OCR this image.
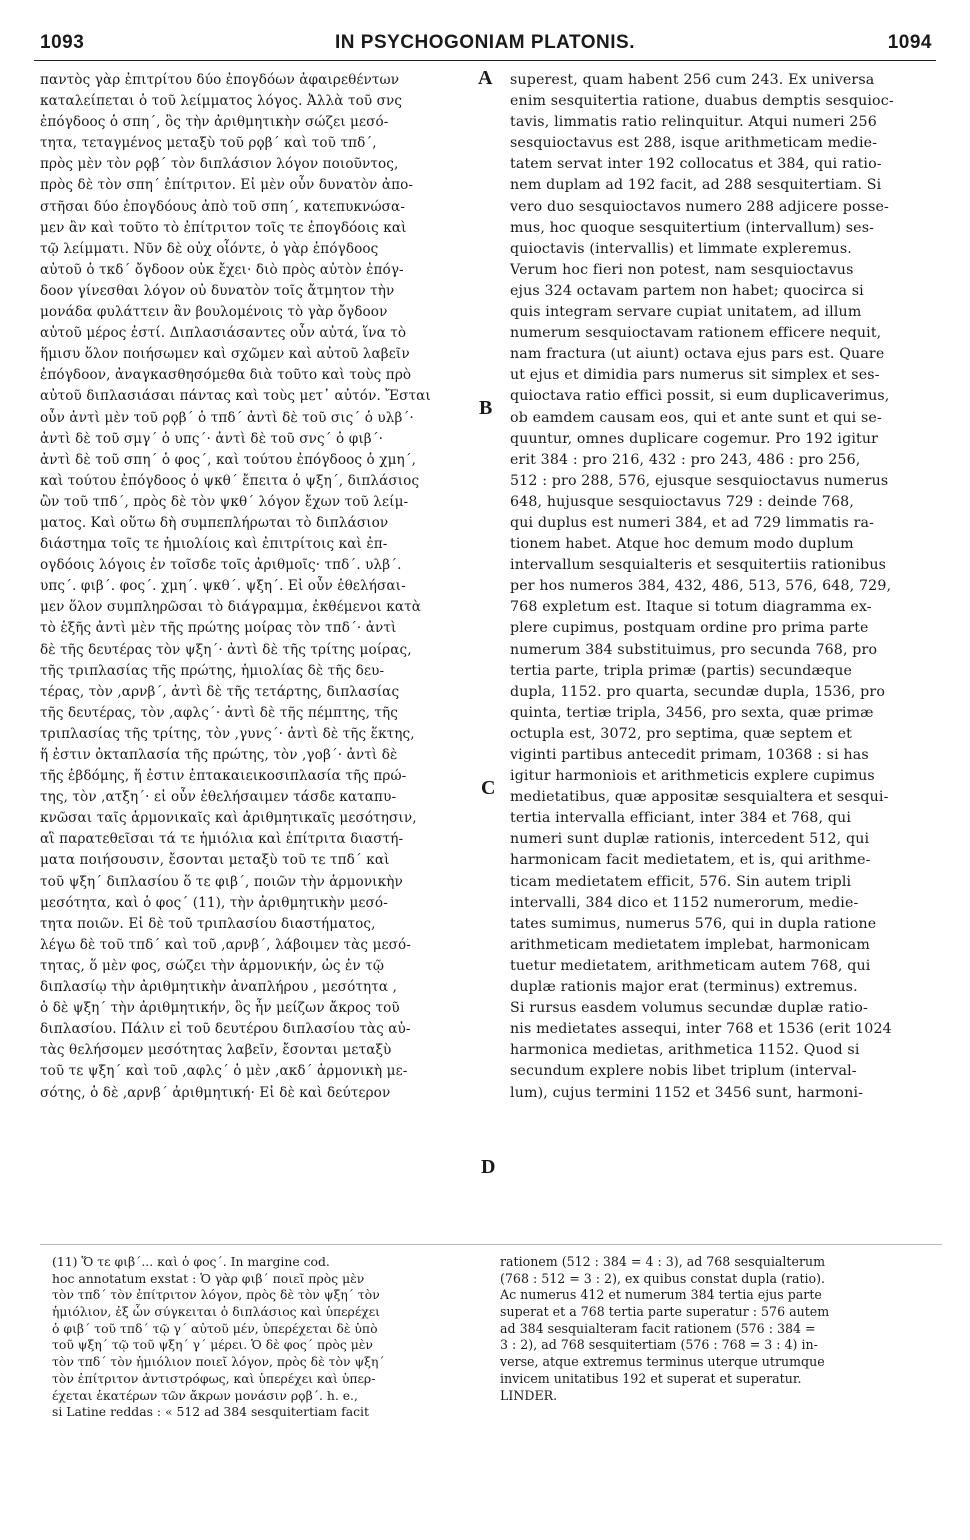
1093	IN PSYCHOGONIAM PLATONIS.	1094
παντὸς γὰρ ἐπιτρίτου δύο ἐπογδόων ἀφαιρεθέντων
καταλείπεται ὁ τοῦ λείμματος λόγος. Ἀλλὰ τοῦ σνς
ἐπόγδοος ὁ σπη΄, ὃς τὴν ἀριθμητικὴν σώζει μεσό-
τητα, τεταγμένος μεταξὺ τοῦ ρϙβ΄ καὶ τοῦ τπδ΄,
πρὸς μὲν τὸν ρϙβ΄ τὸν διπλάσιον λόγον ποιοῦντος,
πρὸς δὲ τὸν σπη΄ ἐπίτριτον. Εἰ μὲν οὖν δυνατὸν ἀπο-
στῆσαι δύο ἐπογδόους ἀπὸ τοῦ σπη΄, κατεπυκνώσα-
μεν ἂν καὶ τοῦτο τὸ ἐπίτριτον τοῖς τε ἐπογδόοις καὶ
τῷ λείμματι. Νῦν δὲ οὐχ οἷόντε, ὁ γὰρ ἐπόγδοος
αὐτοῦ ὁ τκδ΄ ὄγδοον οὐκ ἔχει· διὸ πρὸς αὐτὸν ἐπόγ-
δοον γίνεσθαι λόγον οὐ δυνατὸν τοῖς ἄτμητον τὴν
μονάδα φυλάττειν ἂν βουλομένοις τὸ γὰρ ὄγδοον
αὐτοῦ μέρος ἐστί. Διπλασιάσαντες οὖν αὐτά, ἵνα τὸ
ἥμισυ ὅλον ποιήσωμεν καὶ σχῶμεν καὶ αὐτοῦ λαβεῖν
ἐπόγδοον, ἀναγκασθησόμεθα διὰ τοῦτο καὶ τοὺς πρὸ
αὐτοῦ διπλασιάσαι πάντας καὶ τοὺς μετ᾽ αὐτόν. Ἔσται
οὖν ἀντὶ μὲν τοῦ ρϙβ΄ ὁ τπδ΄ ἀντὶ δὲ τοῦ σις΄ ὁ υλβ΄·
ἀντὶ δὲ τοῦ σμγ΄ ὁ υπς΄· ἀντὶ δὲ τοῦ σνς΄ ὁ φιβ΄·
ἀντὶ δὲ τοῦ σπη΄ ὁ φος΄, καὶ τούτου ἐπόγδοος ὁ χμη΄,
καὶ τούτου ἐπόγδοος ὁ ψκθ΄ ἔπειτα ὁ ψξη΄, διπλάσιος
ὢν τοῦ τπδ΄, πρὸς δὲ τὸν ψκθ΄ λόγον ἔχων τοῦ λείμ-
ματος. Καὶ οὕτω δὴ συμπεπλήρωται τὸ διπλάσιον
διάστημα τοῖς τε ἡμιολίοις καὶ ἐπιτρίτοις καὶ ἐπ-
ογδόοις λόγοις ἐν τοῖσδε τοῖς ἀριθμοῖς· τπδ΄. υλβ΄.
υπς΄. φιβ΄. φος΄. χμη΄. ψκθ΄. ψξη΄. Εἰ οὖν ἐθελήσαι-
μεν ὅλον συμπληρῶσαι τὸ διάγραμμα, ἐκθέμενοι κατὰ
τὸ ἑξῆς ἀντὶ μὲν τῆς πρώτης μοίρας τὸν τπδ΄· ἀντὶ
δὲ τῆς δευτέρας τὸν ψξη΄· ἀντὶ δὲ τῆς τρίτης μοίρας,
τῆς τριπλασίας τῆς πρώτης, ἡμιολίας δὲ τῆς δευ-
τέρας, τὸν ,αρνβ΄, ἀντὶ δὲ τῆς τετάρτης, διπλασίας
τῆς δευτέρας, τὸν ,αφλς΄· ἀντὶ δὲ τῆς πέμπτης, τῆς
τριπλασίας τῆς τρίτης, τὸν ,γυνς΄· ἀντὶ δὲ τῆς ἕκτης,
ἥ ἐστιν ὀκταπλασία τῆς πρώτης, τὸν ,γοβ΄· ἀντὶ δὲ
τῆς ἑβδόμης, ἥ ἐστιν ἑπτακαιεικοσιπλασία τῆς πρώ-
της, τὸν ,ατξη΄· εἰ οὖν ἐθελήσαιμεν τάσδε καταπυ-
κνῶσαι ταῖς ἁρμονικαῖς καὶ ἀριθμητικαῖς μεσότησιν,
αἳ παρατεθεῖσαι τά τε ἡμιόλια καὶ ἐπίτριτα διαστή-
ματα ποιήσουσιν, ἔσονται μεταξὺ τοῦ τε τπδ΄ καὶ
τοῦ ψξη΄ διπλασίου ὅ τε φιβ΄, ποιῶν τὴν ἁρμονικὴν
μεσότητα, καὶ ὁ φος΄ (11), τὴν ἀριθμητικὴν μεσό-
τητα ποιῶν. Εἰ δὲ τοῦ τριπλασίου διαστήματος,
λέγω δὲ τοῦ τπδ΄ καὶ τοῦ ,αρνβ΄, λάβοιμεν τὰς μεσό-
τητας, ὅ μὲν φος, σώζει τὴν ἁρμονικήν, ὡς ἐν τῷ
διπλασίῳ τὴν ἀριθμητικὴν ἀναπλήρου , μεσότητα ,
ὁ δὲ ψξη΄ τὴν ἀριθμητικήν, ὃς ἦν μείζων ἄκρος τοῦ
διπλασίου. Πάλιν εἰ τοῦ δευτέρου διπλασίου τὰς αὐ-
τὰς θελήσομεν μεσότητας λαβεῖν, ἔσονται μεταξὺ
τοῦ τε ψξη΄ καὶ τοῦ ,αφλς΄ ὁ μὲν ,ακδ΄ ἁρμονικὴ με-
σότης, ὁ δὲ ,αρνβ΄ ἀριθμητική· Εἰ δὲ καὶ δεύτερον
superest, quam habent 256 cum 243. Ex universa
enim sesquitertia ratione, duabus demptis sesquioc-
tavis, limmatis ratio relinquitur. Atqui numeri 256
sesquioctavus est 288, isque arithmeticam medie-
tatem servat inter 192 collocatus et 384, qui ratio-
nem duplam ad 192 facit, ad 288 sesquitertiam. Si
vero duo sesquioctavos numero 288 adjicere posse-
mus, hoc quoque sesquitertium (intervallum) ses-
quioctavis (intervallis) et limmate expleremus.
Verum hoc fieri non potest, nam sesquioctavus
ejus 324 octavam partem non habet; quocirca si
quis integram servare cupiat unitatem, ad illum
numerum sesquioctavam rationem efficere nequit,
nam fractura (ut aiunt) octava ejus pars est. Quare
ut ejus et dimidia pars numerus sit simplex et ses-
quioctava ratio effici possit, si eum duplicaverimus,
ob eamdem causam eos, qui et ante sunt et qui se-
quuntur, omnes duplicare cogemur. Pro 192 igitur
erit 384 : pro 216, 432 : pro 243, 486 : pro 256,
512 : pro 288, 576, ejusque sesquioctavus numerus
648, hujusque sesquioctavus 729 : deinde 768,
qui duplus est numeri 384, et ad 729 limmatis ra-
tionem habet. Atque hoc demum modo duplum
intervallum sesquialteris et sesquitertiis rationibus
per hos numeros 384, 432, 486, 513, 576, 648, 729,
768 expletum est. Itaque si totum diagramma ex-
plere cupimus, postquam ordine pro prima parte
numerum 384 substituimus, pro secunda 768, pro
tertia parte, tripla primæ (partis) secundæque
dupla, 1152. pro quarta, secundæ dupla, 1536, pro
quinta, tertiæ tripla, 3456, pro sexta, quæ primæ
octupla est, 3072, pro septima, quæ septem et
viginti partibus antecedit primam, 10368 : si has
igitur harmoniois et arithmeticis explere cupimus
medietatibus, quæ appositæ sesquialtera et sesqui-
tertia intervalla efficiant, inter 384 et 768, qui
numeri sunt duplæ rationis, intercedent 512, qui
harmonicam facit medietatem, et is, qui arithme-
ticam medietatem efficit, 576. Sin autem tripli
intervalli, 384 dico et 1152 numerorum, medie-
tates sumimus, numerus 576, qui in dupla ratione
arithmeticam medietatem implebat, harmonicam
tuetur medietatem, arithmeticam autem 768, qui
duplæ rationis major erat (terminus) extremus.
Si rursus easdem volumus secundæ duplæ ratio-
nis medietates assequi, inter 768 et 1536 (erit 1024
harmonica medietas, arithmetica 1152. Quod si
secundum explere nobis libet triplum (interval-
lum), cujus termini 1152 et 3456 sunt, harmoni-
A
B
C
D
(11) Ὅ τε φιβ΄... καὶ ὁ φος΄. In margine cod.
hoc annotatum exstat : Ὁ γὰρ φιβ΄ ποιεῖ πρὸς μὲν
τὸν τπδ΄ τὸν ἐπίτριτον λόγον, πρὸς δὲ τὸν ψξη΄ τὸν
ἡμιόλιον, ἐξ ὧν σύγκειται ὁ διπλάσιος καὶ ὑπερέχει
ὁ φιβ΄ τοῦ τπδ΄ τῷ γ΄ αὐτοῦ μέν, ὑπερέχεται δὲ ὑπὸ
τοῦ ψξη΄ τῷ τοῦ ψξη΄ γ΄ μέρει. Ὁ δὲ φος΄ πρὸς μὲν
τὸν τπδ΄ τὸν ἡμιόλιον ποιεῖ λόγον, πρὸς δὲ τὸν ψξη΄
τὸν ἐπίτριτον ἀντιστρόφως, καὶ ὑπερέχει καὶ ὑπερ-
έχεται ἑκατέρων τῶν ἄκρων μονάσιν ρϙβ΄. h. e.,
si Latine reddas : « 512 ad 384 sesquitertiam facit
rationem (512 : 384 = 4 : 3), ad 768 sesquialterum
(768 : 512 = 3 : 2), ex quibus constat dupla (ratio).
Ac numerus 412 et numerum 384 tertia ejus parte
superat et a 768 tertia parte superatur : 576 autem
ad 384 sesquialteram facit rationem (576 : 384 =
3 : 2), ad 768 sesquitertiam (576 : 768 = 3 : 4) in-
verse, atque extremus terminus uterque utrumque
invicem unitatibus 192 et superat et superatur.
LINDER.
